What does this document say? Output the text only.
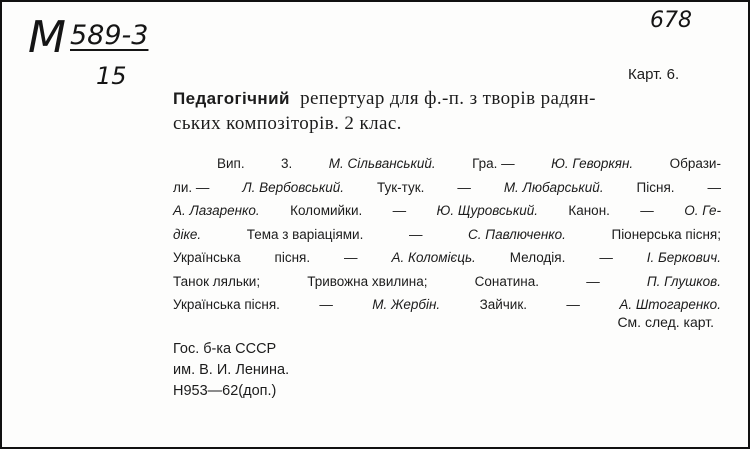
М 589-3
15
678
Карт. 6.
Педагогічний репертуар для ф.-п. з творів радян-
ських композіторів. 2 клас.
Вип.	3.	М. Сільванський.	Гра. —	Ю. Геворкян.	Образи-
ли. — Л. Вербовський. Тук-тук. — М. Любарський. Пісня. —
А. Лазаренко. Коломийки. — Ю. Щуровський. Канон. — О. Ге-
діке.	Тема з варіаціями.	—	С. Павлюченко.	Піонерська пісня;
Українська	пісня.	—	А. Коломієць.	Мелодія.	—	І. Беркович.
Танок ляльки;	Тривожна хвилина;	Сонатина.	—	П. Глушков.
Українська пісня.	—	М. Жербін.	Зайчик.	—	А. Штогаренко.
См. след. карт.
Гос. б-ка СССР
им. В. И. Ленина.
Н953—62(доп.)
